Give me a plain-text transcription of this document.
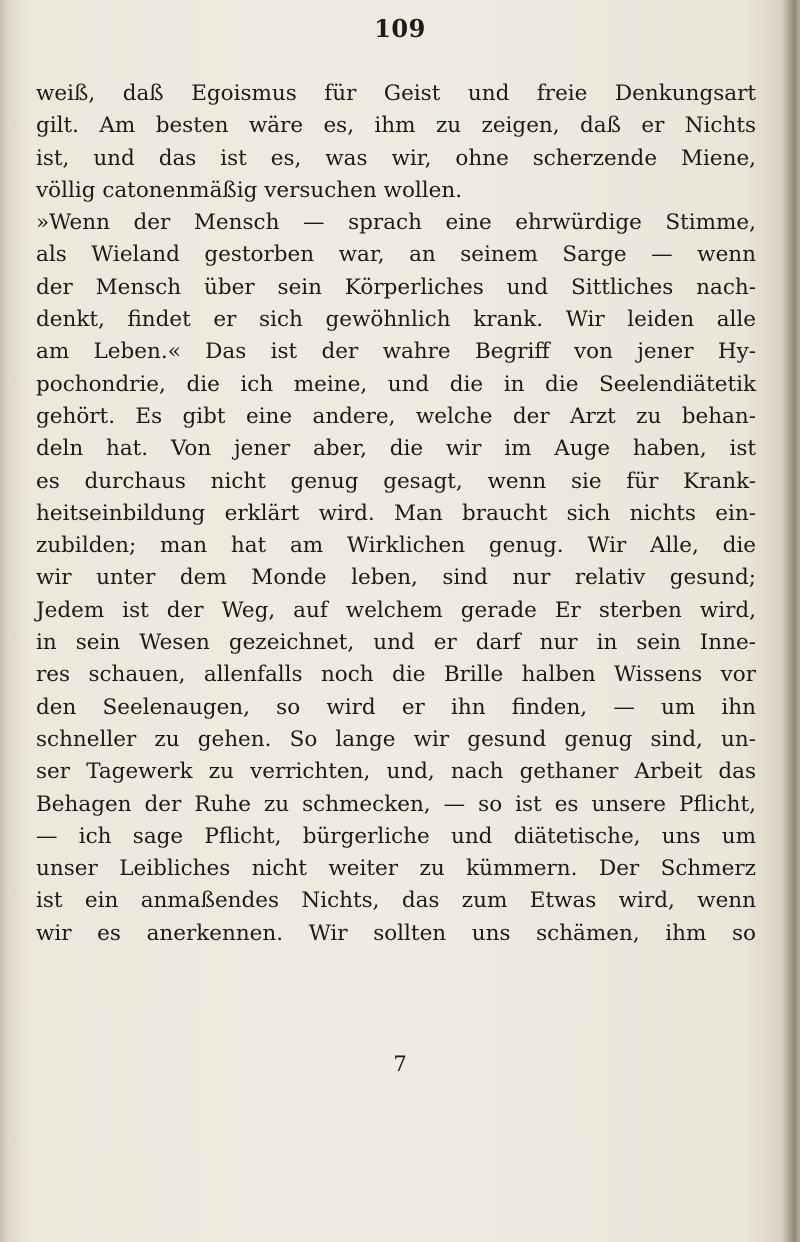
109
weiß, daß Egoismus für Geist und freie Denkungsart
gilt. Am besten wäre es, ihm zu zeigen, daß er Nichts
ist, und das ist es, was wir, ohne scherzende Miene,
völlig catonenmäßig versuchen wollen.
»Wenn der Mensch — sprach eine ehrwürdige Stimme,
als Wieland gestorben war, an seinem Sarge — wenn
der Mensch über sein Körperliches und Sittliches nach-
denkt, findet er sich gewöhnlich krank. Wir leiden alle
am Leben.« Das ist der wahre Begriff von jener Hy-
pochondrie, die ich meine, und die in die Seelendiätetik
gehört. Es gibt eine andere, welche der Arzt zu behan-
deln hat. Von jener aber, die wir im Auge haben, ist
es durchaus nicht genug gesagt, wenn sie für Krank-
heitseinbildung erklärt wird. Man braucht sich nichts ein-
zubilden; man hat am Wirklichen genug. Wir Alle, die
wir unter dem Monde leben, sind nur relativ gesund;
Jedem ist der Weg, auf welchem gerade Er sterben wird,
in sein Wesen gezeichnet, und er darf nur in sein Inne-
res schauen, allenfalls noch die Brille halben Wissens vor
den Seelenaugen, so wird er ihn finden, — um ihn
schneller zu gehen. So lange wir gesund genug sind, un-
ser Tagewerk zu verrichten, und, nach gethaner Arbeit das
Behagen der Ruhe zu schmecken, — so ist es unsere Pflicht,
— ich sage Pflicht, bürgerliche und diätetische, uns um
unser Leibliches nicht weiter zu kümmern. Der Schmerz
ist ein anmaßendes Nichts, das zum Etwas wird, wenn
wir es anerkennen. Wir sollten uns schämen, ihm so
7
